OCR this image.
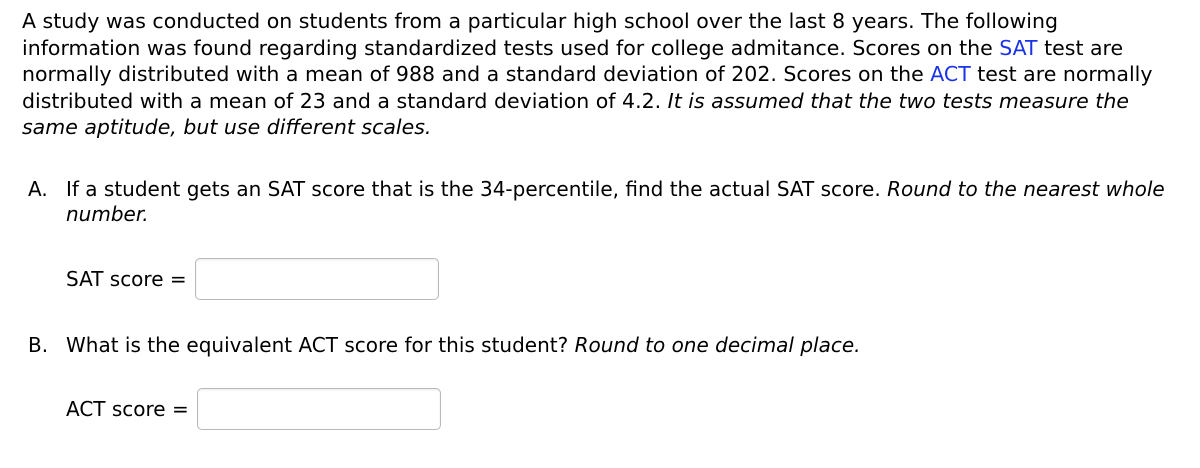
A study was conducted on students from a particular high school over the last 8 years. The following information was found regarding standardized tests used for college admitance. Scores on the SAT test are normally distributed with a mean of 988 and a standard deviation of 202. Scores on the ACT test are normally distributed with a mean of 23 and a standard deviation of 4.2. It is assumed that the two tests measure the same aptitude, but use different scales.

A. If a student gets an SAT score that is the 34-percentile, find the actual SAT score. Round to the nearest whole number.
SAT score =
B. What is the equivalent ACT score for this student? Round to one decimal place.
ACT score =
